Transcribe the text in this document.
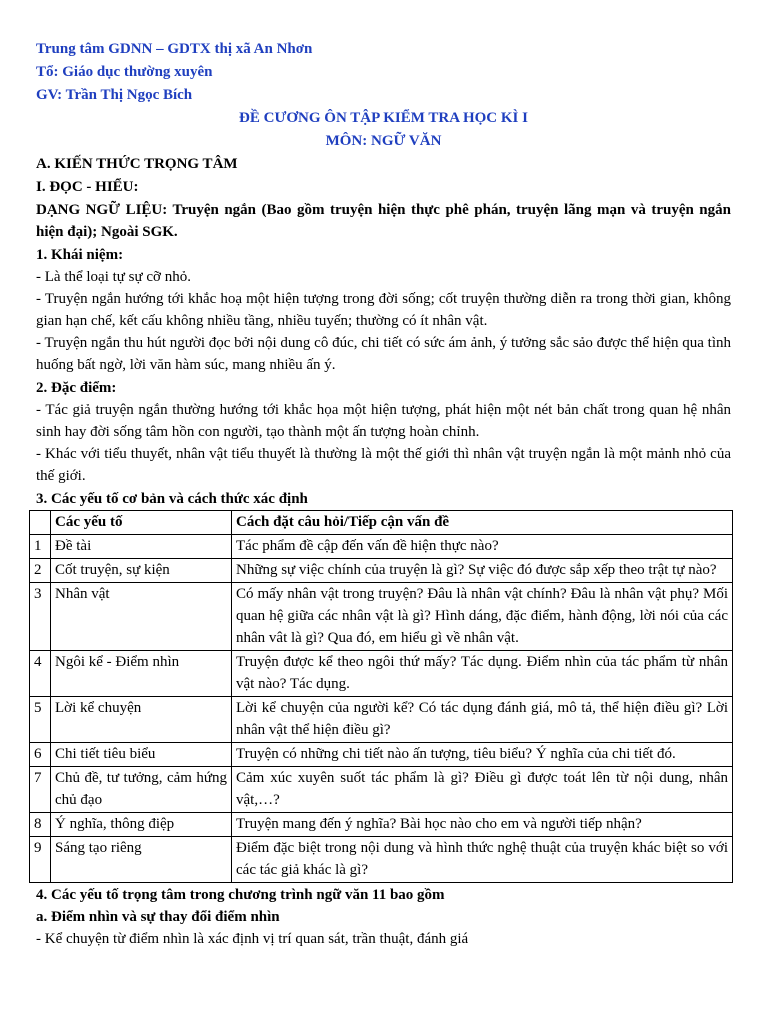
Trung tâm GDNN – GDTX thị xã An Nhơn

Tổ: Giáo dục thường xuyên

GV: Trần Thị Ngọc Bích

ĐỀ CƯƠNG ÔN TẬP KIỂM TRA HỌC KÌ I

MÔN: NGỮ VĂN

A. KIẾN THỨC TRỌNG TÂM

I. ĐỌC - HIỂU:

DẠNG NGỮ LIỆU: Truyện ngắn (Bao gồm truyện hiện thực phê phán, truyện lãng mạn và truyện ngắn hiện đại); Ngoài SGK.

1. Khái niệm:

- Là thể loại tự sự cỡ nhỏ.

- Truyện ngắn hướng tới khắc hoạ một hiện tượng trong đời sống; cốt truyện thường diễn ra trong thời gian, không gian hạn chế, kết cấu không nhiều tầng, nhiều tuyến; thường có ít nhân vật.

- Truyện ngắn thu hút người đọc bởi nội dung cô đúc, chi tiết có sức ám ảnh, ý tưởng sắc sảo được thể hiện qua tình huống bất ngờ, lời văn hàm súc, mang nhiều ấn ý.

2. Đặc điểm:

- Tác giả truyện ngắn thường hướng tới khắc họa một hiện tượng, phát hiện một nét bản chất trong quan hệ nhân sinh hay đời sống tâm hồn con người, tạo thành một ấn tượng hoàn chỉnh.

- Khác với tiểu thuyết, nhân vật tiểu thuyết là thường là một thế giới thì nhân vật truyện ngắn là một mảnh nhỏ của thế giới.

3. Các yếu tố cơ bản và cách thức xác định

	Các yếu tố	Cách đặt câu hỏi/Tiếp cận vấn đề
1	Đề tài	Tác phẩm đề cập đến vấn đề hiện thực nào?
2	Cốt truyện, sự kiện	Những sự việc chính của truyện là gì? Sự việc đó được sắp xếp theo trật tự nào?
3	Nhân vật	Có mấy nhân vật trong truyện? Đâu là nhân vật chính? Đâu là nhân vật phụ? Mối quan hệ giữa các nhân vật là gì? Hình dáng, đặc điểm, hành động, lời nói của các nhân vât là gì? Qua đó, em hiểu gì về nhân vật.
4	Ngôi kể - Điểm nhìn	Truyện được kể theo ngôi thứ mấy? Tác dụng. Điểm nhìn của tác phẩm từ nhân vật nào? Tác dụng.
5	Lời kể chuyện	Lời kể chuyện của người kể? Có tác dụng đánh giá, mô tả, thể hiện điều gì? Lời nhân vật thể hiện điều gì?
6	Chi tiết tiêu biểu	Truyện có những chi tiết nào ấn tượng, tiêu biểu? Ý nghĩa của chi tiết đó.
7	Chủ đề, tư tưởng, cảm hứng chủ đạo	Cảm xúc xuyên suốt tác phẩm là gì? Điều gì được toát lên từ nội dung, nhân vật,…?
8	Ý nghĩa, thông điệp	Truyện mang đến ý nghĩa? Bài học nào cho em và người tiếp nhận?
9	Sáng tạo riêng	Điểm đặc biệt trong nội dung và hình thức nghệ thuật của truyện khác biệt so với các tác giả khác là gì?

4. Các yếu tố trọng tâm trong chương trình ngữ văn 11 bao gồm

a. Điểm nhìn và sự thay đổi điểm nhìn

- Kể chuyện từ điểm nhìn là xác định vị trí quan sát, trần thuật, đánh giá
